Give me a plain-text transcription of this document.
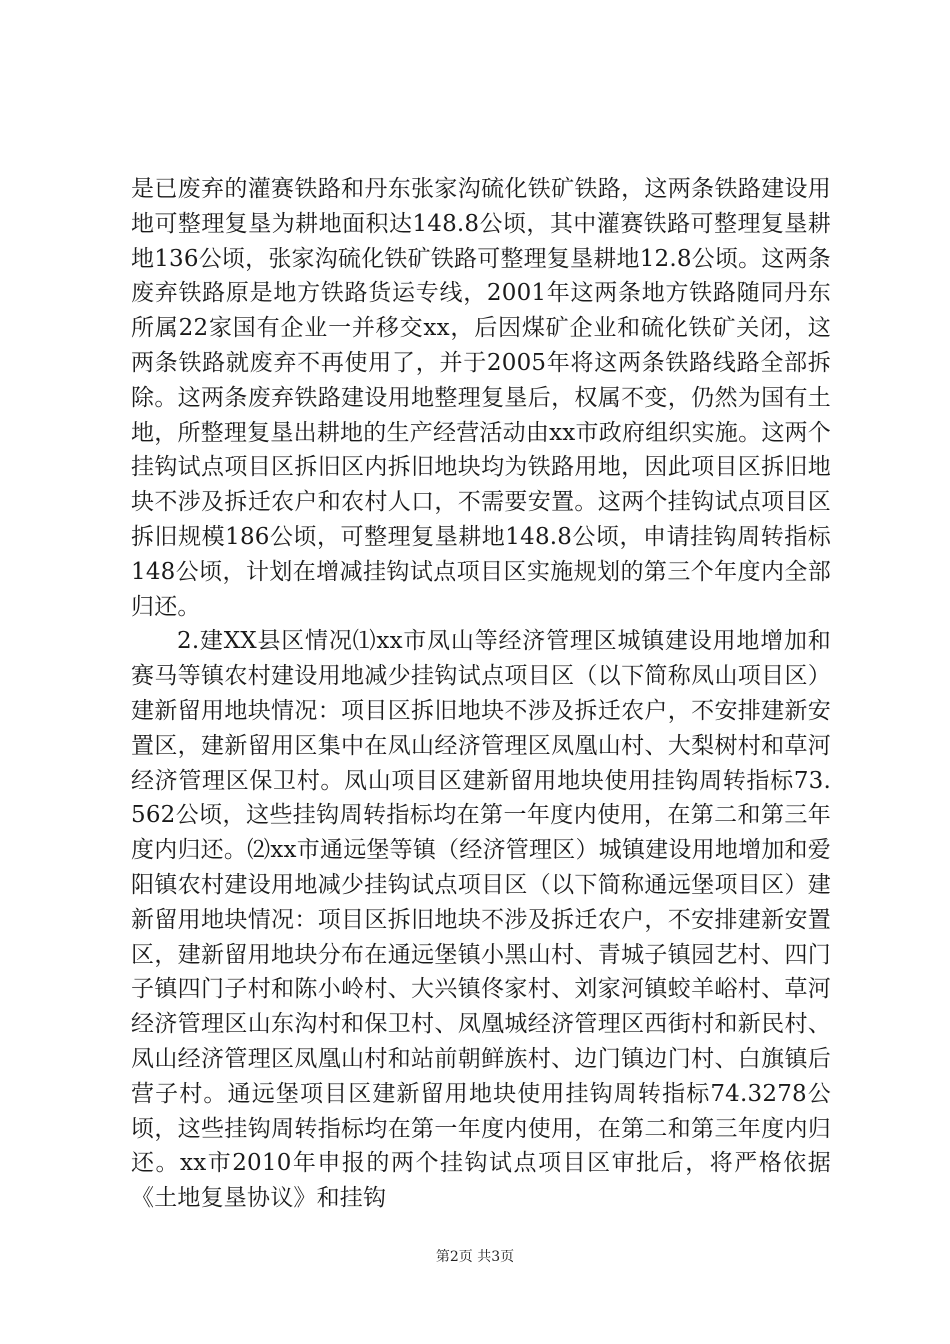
是已废弃的灌赛铁路和丹东张家沟硫化铁矿铁路，这两条铁路建设用地可整理复垦为耕地面积达148.8公顷，其中灌赛铁路可整理复垦耕地136公顷，张家沟硫化铁矿铁路可整理复垦耕地12.8公顷。这两条废弃铁路原是地方铁路货运专线，2001年这两条地方铁路随同丹东所属22家国有企业一并移交xx，后因煤矿企业和硫化铁矿关闭，这两条铁路就废弃不再使用了，并于2005年将这两条铁路线路全部拆除。这两条废弃铁路建设用地整理复垦后，权属不变，仍然为国有土地，所整理复垦出耕地的生产经营活动由xx市政府组织实施。这两个挂钩试点项目区拆旧区内拆旧地块均为铁路用地，因此项目区拆旧地块不涉及拆迁农户和农村人口，不需要安置。这两个挂钩试点项目区拆旧规模186公顷，可整理复垦耕地148.8公顷，申请挂钩周转指标148公顷，计划在增减挂钩试点项目区实施规划的第三个年度内全部归还。

2.建XX县区情况⑴xx市凤山等经济管理区城镇建设用地增加和赛马等镇农村建设用地减少挂钩试点项目区（以下简称凤山项目区）建新留用地块情况：项目区拆旧地块不涉及拆迁农户，不安排建新安置区，建新留用区集中在凤山经济管理区凤凰山村、大梨树村和草河经济管理区保卫村。凤山项目区建新留用地块使用挂钩周转指标73.562公顷，这些挂钩周转指标均在第一年度内使用，在第二和第三年度内归还。⑵xx市通远堡等镇（经济管理区）城镇建设用地增加和爱阳镇农村建设用地减少挂钩试点项目区（以下简称通远堡项目区）建新留用地块情况：项目区拆旧地块不涉及拆迁农户，不安排建新安置区，建新留用地块分布在通远堡镇小黑山村、青城子镇园艺村、四门子镇四门子村和陈小岭村、大兴镇佟家村、刘家河镇蛟羊峪村、草河经济管理区山东沟村和保卫村、凤凰城经济管理区西街村和新民村、凤山经济管理区凤凰山村和站前朝鲜族村、边门镇边门村、白旗镇后营子村。通远堡项目区建新留用地块使用挂钩周转指标74.3278公顷，这些挂钩周转指标均在第一年度内使用，在第二和第三年度内归还。xx市2010年申报的两个挂钩试点项目区审批后，将严格依据《土地复垦协议》和挂钩

第2页 共3页
